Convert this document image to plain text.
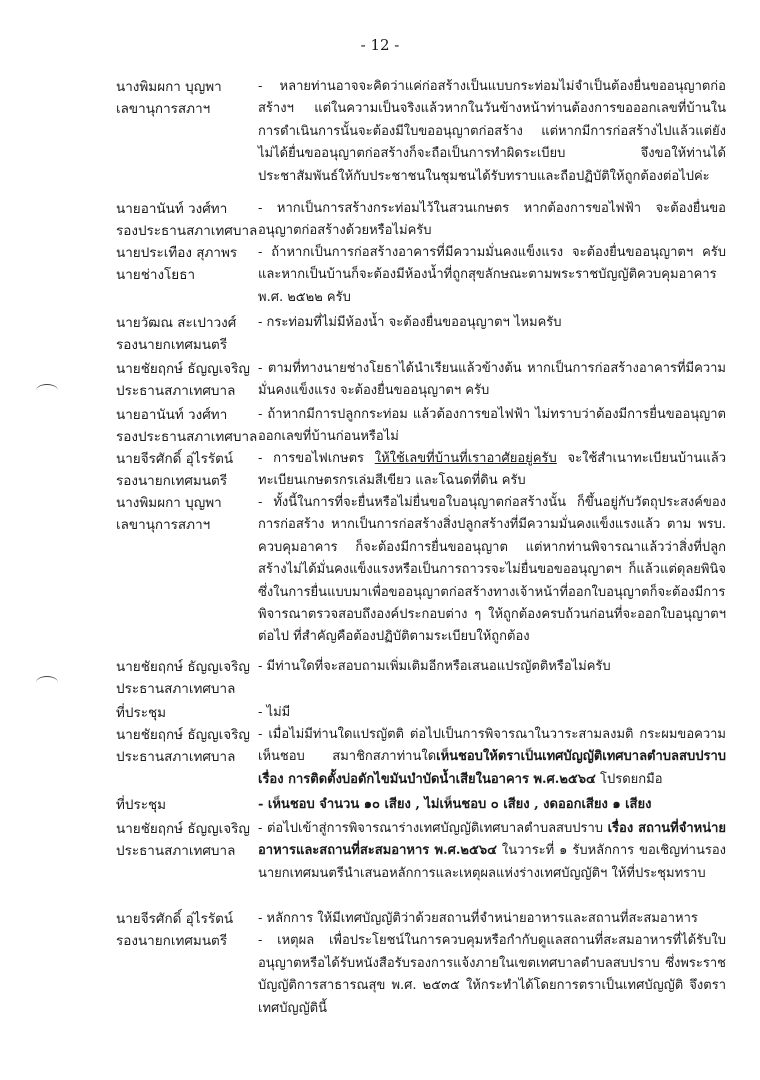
- 12 -
นางพิมผกา บุญพา
เลขานุการสภาฯ

- หลายท่านอาจจะคิดว่าแค่ก่อสร้างเป็นแบบกระท่อมไม่จำเป็นต้องยื่นขออนุญาตก่อสร้างฯ แต่ในความเป็นจริงแล้วหากในวันข้างหน้าท่านต้องการขอออกเลขที่บ้านในการดำเนินการนั้นจะต้องมีใบขออนุญาตก่อสร้าง แต่หากมีการก่อสร้างไปแล้วแต่ยังไม่ได้ยื่นขออนุญาตก่อสร้างก็จะถือเป็นการทำผิดระเบียบ จึงขอให้ท่านได้ประชาสัมพันธ์ให้กับประชาชนในชุมชนได้รับทราบและถือปฏิบัติให้ถูกต้องต่อไปค่ะ

นายอานันท์ วงศ์ทา
รองประธานสภาเทศบาล

- หากเป็นการสร้างกระท่อมไว้ในสวนเกษตร หากต้องการขอไฟฟ้า จะต้องยื่นขออนุญาตก่อสร้างด้วยหรือไม่ครับ

นายประเทือง สุภาพร
นายช่างโยธา

- ถ้าหากเป็นการก่อสร้างอาคารที่มีความมั่นคงแข็งแรง จะต้องยื่นขออนุญาตฯ ครับ และหากเป็นบ้านก็จะต้องมีห้องน้ำที่ถูกสุขลักษณะตามพระราชบัญญัติควบคุมอาคาร พ.ศ. ๒๕๒๒ ครับ

นายวัฒณ สะเปาวงศ์
รองนายกเทศมนตรี

- กระท่อมที่ไม่มีห้องน้ำ จะต้องยื่นขออนุญาตฯ ไหมครับ

นายชัยฤกษ์ ธัญญเจริญ
ประธานสภาเทศบาล

- ตามที่ทางนายช่างโยธาได้นำเรียนแล้วข้างต้น หากเป็นการก่อสร้างอาคารที่มีความมั่นคงแข็งแรง จะต้องยื่นขออนุญาตฯ ครับ

นายอานันท์ วงศ์ทา
รองประธานสภาเทศบาล

- ถ้าหากมีการปลูกกระท่อม แล้วต้องการขอไฟฟ้า ไม่ทราบว่าต้องมีการยื่นขออนุญาตออกเลขที่บ้านก่อนหรือไม่

นายจีรศักดิ์ อุ่ไรรัตน์
รองนายกเทศมนตรี

- การขอไฟเกษตร ให้ใช้เลขที่บ้านที่เราอาศัยอยู่ครับ จะใช้สำเนาทะเบียนบ้านแล้วทะเบียนเกษตรกรเล่มสีเขียว และโฉนดที่ดิน ครับ

นางพิมผกา บุญพา
เลขานุการสภาฯ

- ทั้งนี้ในการที่จะยื่นหรือไม่ยื่นขอใบอนุญาตก่อสร้างนั้น ก็ขึ้นอยู่กับวัตถุประสงค์ของการก่อสร้าง หากเป็นการก่อสร้างสิ่งปลูกสร้างที่มีความมั่นคงแข็งแรงแล้ว ตาม พรบ. ควบคุมอาคาร ก็จะต้องมีการยื่นขออนุญาต แต่หากท่านพิจารณาแล้วว่าสิ่งที่ปลูกสร้างไม่ได้มั่นคงแข็งแรงหรือเป็นการถาวรจะไม่ยื่นขอขออนุญาตฯ ก็แล้วแต่ดุลยพินิจ ซึ่งในการยื่นแบบมาเพื่อขออนุญาตก่อสร้างทางเจ้าหน้าที่ออกใบอนุญาตก็จะต้องมีการพิจารณาตรวจสอบถึงองค์ประกอบต่าง ๆ ให้ถูกต้องครบถ้วนก่อนที่จะออกใบอนุญาตฯ ต่อไป ที่สำคัญคือต้องปฏิบัติตามระเบียบให้ถูกต้อง

นายชัยฤกษ์ ธัญญเจริญ
ประธานสภาเทศบาล

- มีท่านใดที่จะสอบถามเพิ่มเติมอีกหรือเสนอแปรญัตติหรือไม่ครับ

ที่ประชุม	- ไม่มี

นายชัยฤกษ์ ธัญญเจริญ
ประธานสภาเทศบาล

- เมื่อไม่มีท่านใดแปรญัตติ ต่อไปเป็นการพิจารณาในวาระสามลงมติ กระผมขอความเห็นชอบ สมาชิกสภาท่านใดเห็นชอบให้ตราเป็นเทศบัญญัติเทศบาลตำบลสบปราบ เรื่อง การติดตั้งบ่อดักไขมันบำบัดน้ำเสียในอาคาร พ.ศ.๒๕๖๔ โปรดยกมือ

ที่ประชุม	- เห็นชอบ จำนวน ๑๐ เสียง , ไม่เห็นชอบ ๐ เสียง , งดออกเสียง ๑ เสียง

นายชัยฤกษ์ ธัญญเจริญ
ประธานสภาเทศบาล

- ต่อไปเข้าสู่การพิจารณาร่างเทศบัญญัติเทศบาลตำบลสบปราบ เรื่อง สถานที่จำหน่ายอาหารและสถานที่สะสมอาหาร พ.ศ.๒๕๖๔ ในวาระที่ ๑ รับหลักการ ขอเชิญท่านรองนายกเทศมนตรีนำเสนอหลักการและเหตุผลแห่งร่างเทศบัญญัติฯ ให้ที่ประชุมทราบ

นายจีรศักดิ์ อุ่ไรรัตน์
รองนายกเทศมนตรี

- หลักการ ให้มีเทศบัญญัติว่าด้วยสถานที่จำหน่ายอาหารและสถานที่สะสมอาหาร

- เหตุผล เพื่อประโยชน์ในการควบคุมหรือกำกับดูแลสถานที่สะสมอาหารที่ได้รับใบอนุญาตหรือได้รับหนังสือรับรองการแจ้งภายในเขตเทศบาลตำบลสบปราบ ซึ่งพระราชบัญญัติการสาธารณสุข พ.ศ. ๒๕๓๕ ให้กระทำได้โดยการตราเป็นเทศบัญญัติ จึงตราเทศบัญญัตินี้
